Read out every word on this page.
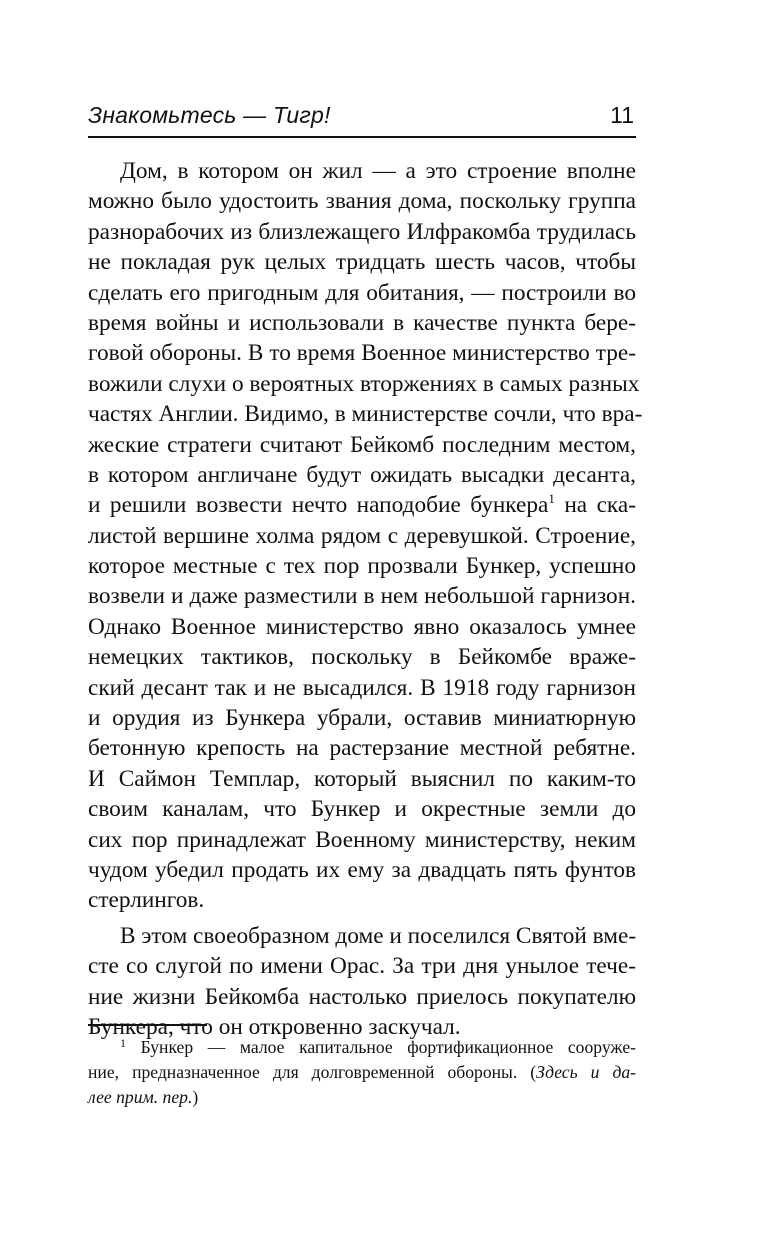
Знакомьтесь — Тигр!	11
Дом, в котором он жил — а это строение вполне
можно было удостоить звания дома, поскольку группа
разнорабочих из близлежащего Илфракомба трудилась
не покладая рук целых тридцать шесть часов, чтобы
сделать его пригодным для обитания, — построили во
время войны и использовали в качестве пункта бере-
говой обороны. В то время Военное министерство тре-
вожили слухи о вероятных вторжениях в самых разных
частях Англии. Видимо, в министерстве сочли, что вра-
жеские стратеги считают Бейкомб последним местом,
в котором англичане будут ожидать высадки десанта,
и решили возвести нечто наподобие бункера$^1$ на ска-
листой вершине холма рядом с деревушкой. Строение,
которое местные с тех пор прозвали Бункер, успешно
возвели и даже разместили в нем небольшой гарнизон.
Однако Военное министерство явно оказалось умнее
немецких тактиков, поскольку в Бейкомбе враже-
ский десант так и не высадился. В 1918 году гарнизон
и орудия из Бункера убрали, оставив миниатюрную
бетонную крепость на растерзание местной ребятне.
И Саймон Темплар, который выяснил по каким-то
своим каналам, что Бункер и окрестные земли до
сих пор принадлежат Военному министерству, неким
чудом убедил продать их ему за двадцать пять фунтов
стерлингов.
В этом своеобразном доме и поселился Святой вме-
сте со слугой по имени Орас. За три дня унылое тече-
ние жизни Бейкомба настолько приелось покупателю
Бункера, что он откровенно заскучал.
$^1$ Бункер — малое капитальное фортификационное сооруже-
ние, предназначенное для долговременной обороны. (Здесь и да-
лее прим. пер.)
